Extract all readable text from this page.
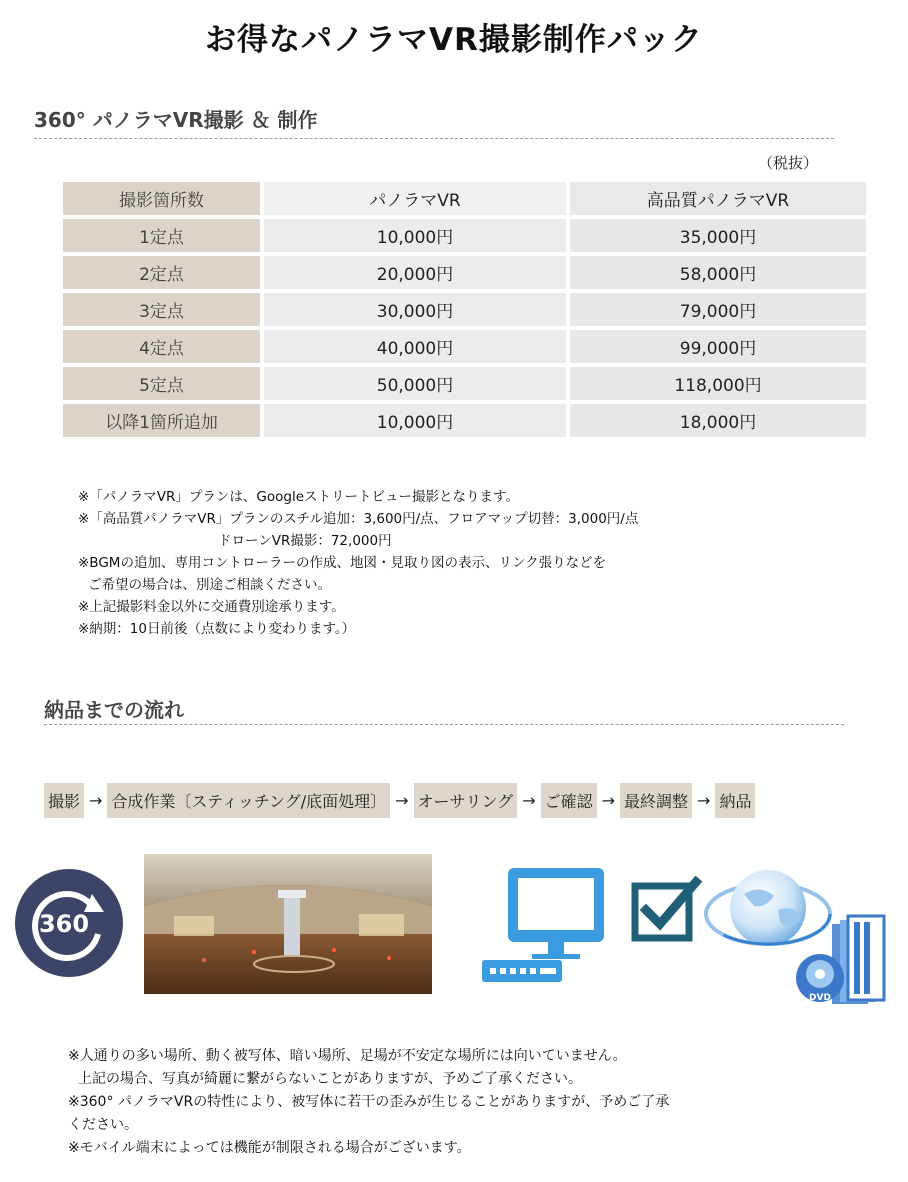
お得なパノラマVR撮影制作パック
360° パノラマVR撮影 ＆ 制作
（税抜）
撮影箇所数		パノラマVR		高品質パノラマVR
1定点		10,000円		35,000円
2定点		20,000円		58,000円
3定点		30,000円		79,000円
4定点		40,000円		99,000円
5定点		50,000円		118,000円
以降1箇所追加		10,000円		18,000円
※「パノラマVR」プランは、Googleストリートビュー撮影となります。
※「高品質パノラマVR」プランのスチル追加：3,600円/点、フロアマップ切替：3,000円/点
ドローンVR撮影：72,000円
※BGMの追加、専用コントローラーの作成、地図・見取り図の表示、リンク張りなどを
ご希望の場合は、別途ご相談ください。
※上記撮影料金以外に交通費別途承ります。
※納期：10日前後（点数により変わります。）
納品までの流れ
撮影 → 合成作業〔スティッチング/底面処理〕 → オーサリング → ご確認 → 最終調整 → 納品
360
DVD
※人通りの多い場所、動く被写体、暗い場所、足場が不安定な場所には向いていません。
上記の場合、写真が綺麗に繋がらないことがありますが、予めご了承ください。
※360° パノラマVRの特性により、被写体に若干の歪みが生じることがありますが、予めご了承
ください。
※モバイル端末によっては機能が制限される場合がございます。
